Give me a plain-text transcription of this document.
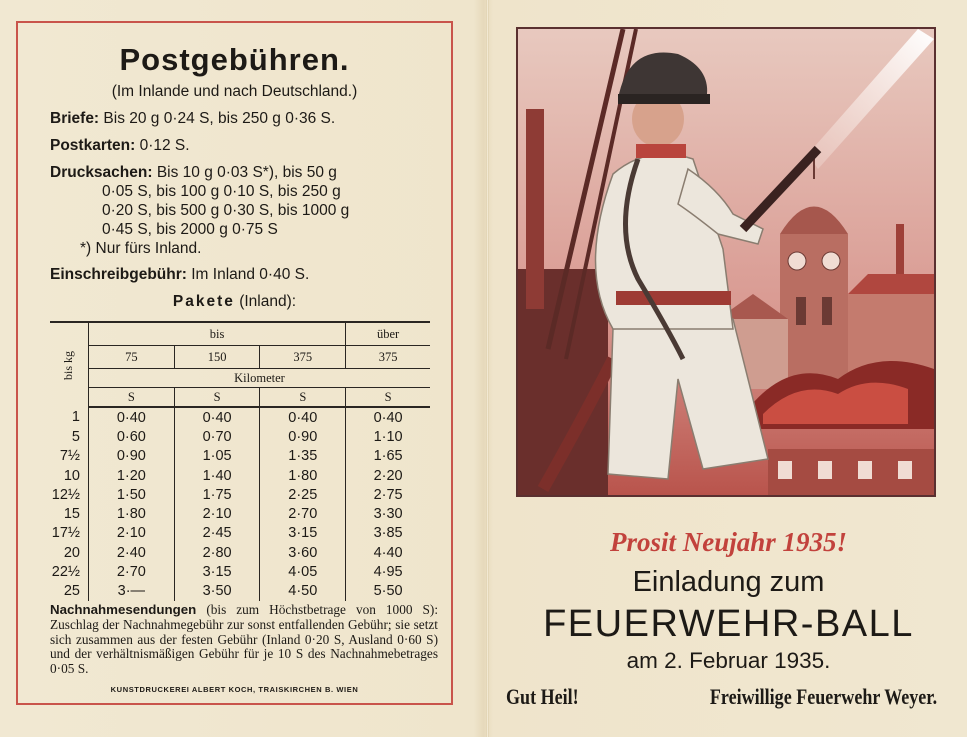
Postgebühren.
(Im Inlande und nach Deutschland.)
Briefe: Bis 20 g 0·24 S, bis 250 g 0·36 S.
Postkarten: 0·12 S.
Drucksachen: Bis 10 g 0·03 S*), bis 50 g
0·05 S, bis 100 g 0·10 S, bis 250 g
0·20 S, bis 500 g 0·30 S, bis 1000 g
0·45 S, bis 2000 g 0·75 S
*) Nur fürs Inland.
Einschreibgebühr: Im Inland 0·40 S.
Pakete (Inland):
bis kg	bis			über
	75	150	375	375
	Kilometer			
	S	S	S	S
1	0·40	0·40	0·40	0·40
5	0·60	0·70	0·90	1·10
7½	0·90	1·05	1·35	1·65
10	1·20	1·40	1·80	2·20
12½	1·50	1·75	2·25	2·75
15	1·80	2·10	2·70	3·30
17½	2·10	2·45	3·15	3·85
20	2·40	2·80	3·60	4·40
22½	2·70	3·15	4·05	4·95
25	3·—	3·50	4·50	5·50
Nachnahmesendungen (bis zum Höchstbetrage von 1000 S): Zuschlag der Nachnahmegebühr zur sonst entfallenden Gebühr; sie setzt sich zusammen aus der festen Gebühr (Inland 0·20 S, Ausland 0·60 S) und der verhältnismäßigen Gebühr für je 10 S des Nachnahmebetrages 0·05 S.
KUNSTDRUCKEREI ALBERT KOCH, TRAISKIRCHEN B. WIEN
Prosit Neujahr 1935!
Einladung zum
FEUERWEHR-BALL
am 2. Februar 1935.
Gut Heil!	Freiwillige Feuerwehr Weyer.
